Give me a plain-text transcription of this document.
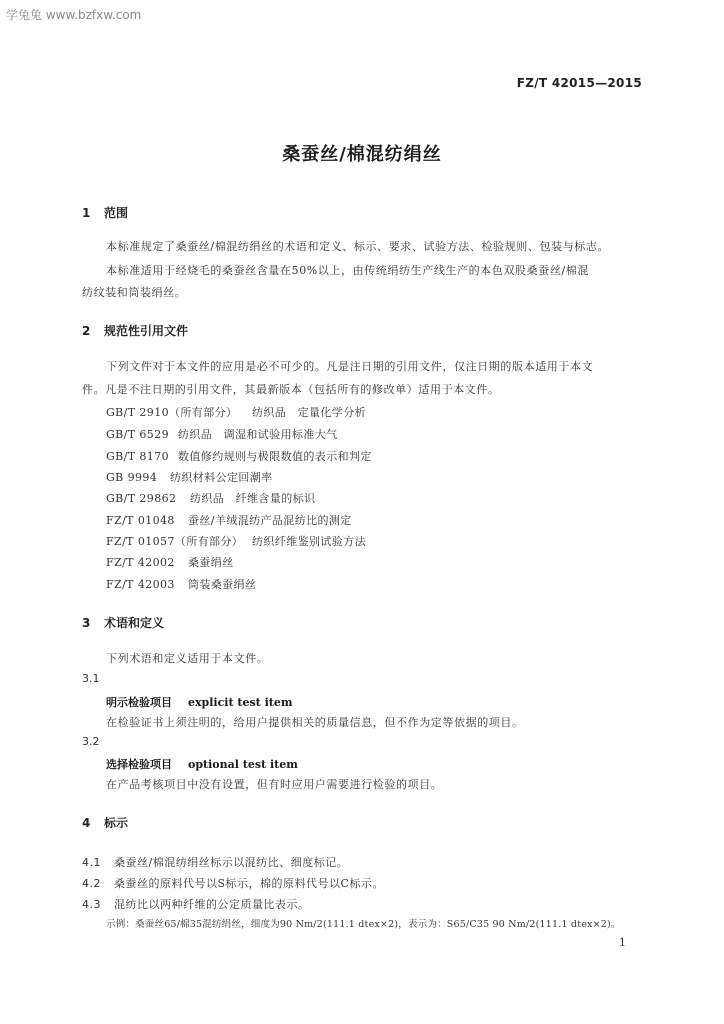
学兔兔 www.bzfxw.com
FZ/T 42015—2015
桑蚕丝/棉混纺绢丝
1 范围
本标准规定了桑蚕丝/棉混纺绢丝的术语和定义、标示、要求、试验方法、检验规则、包装与标志。
本标准适用于经烧毛的桑蚕丝含量在50%以上，由传统绢纺生产线生产的本色双股桑蚕丝/棉混
纺纹装和筒装绢丝。
2 规范性引用文件
下列文件对于本文件的应用是必不可少的。凡是注日期的引用文件，仅注日期的版本适用于本文
件。凡是不注日期的引用文件，其最新版本（包括所有的修改单）适用于本文件。
GB/T 2910（所有部分） 纺织品　定量化学分析
GB/T 6529 纺织品　调湿和试验用标准大气
GB/T 8170 数值修约规则与极限数值的表示和判定
GB 9994 纺织材料公定回潮率
GB/T 29862 纺织品　纤维含量的标识
FZ/T 01048 蚕丝/羊绒混纺产品混纺比的测定
FZ/T 01057（所有部分） 纺织纤维鉴别试验方法
FZ/T 42002 桑蚕绢丝
FZ/T 42003 筒装桑蚕绢丝
3 术语和定义
下列术语和定义适用于本文件。
3.1
明示检验项目 explicit test item
在检验证书上须注明的，给用户提供相关的质量信息，但不作为定等依据的项目。
3.2
选择检验项目 optional test item
在产品考核项目中没有设置，但有时应用户需要进行检验的项目。
4 标示
4.1 桑蚕丝/棉混纺绢丝标示以混纺比、细度标记。
4.2 桑蚕丝的原料代号以S标示，棉的原料代号以C标示。
4.3 混纺比以两种纤维的公定质量比表示。
示例：桑蚕丝65/棉35混纺绢丝，细度为90 Nm/2(111.1 dtex×2)，表示为：S65/C35 90 Nm/2(111.1 dtex×2)。
1
